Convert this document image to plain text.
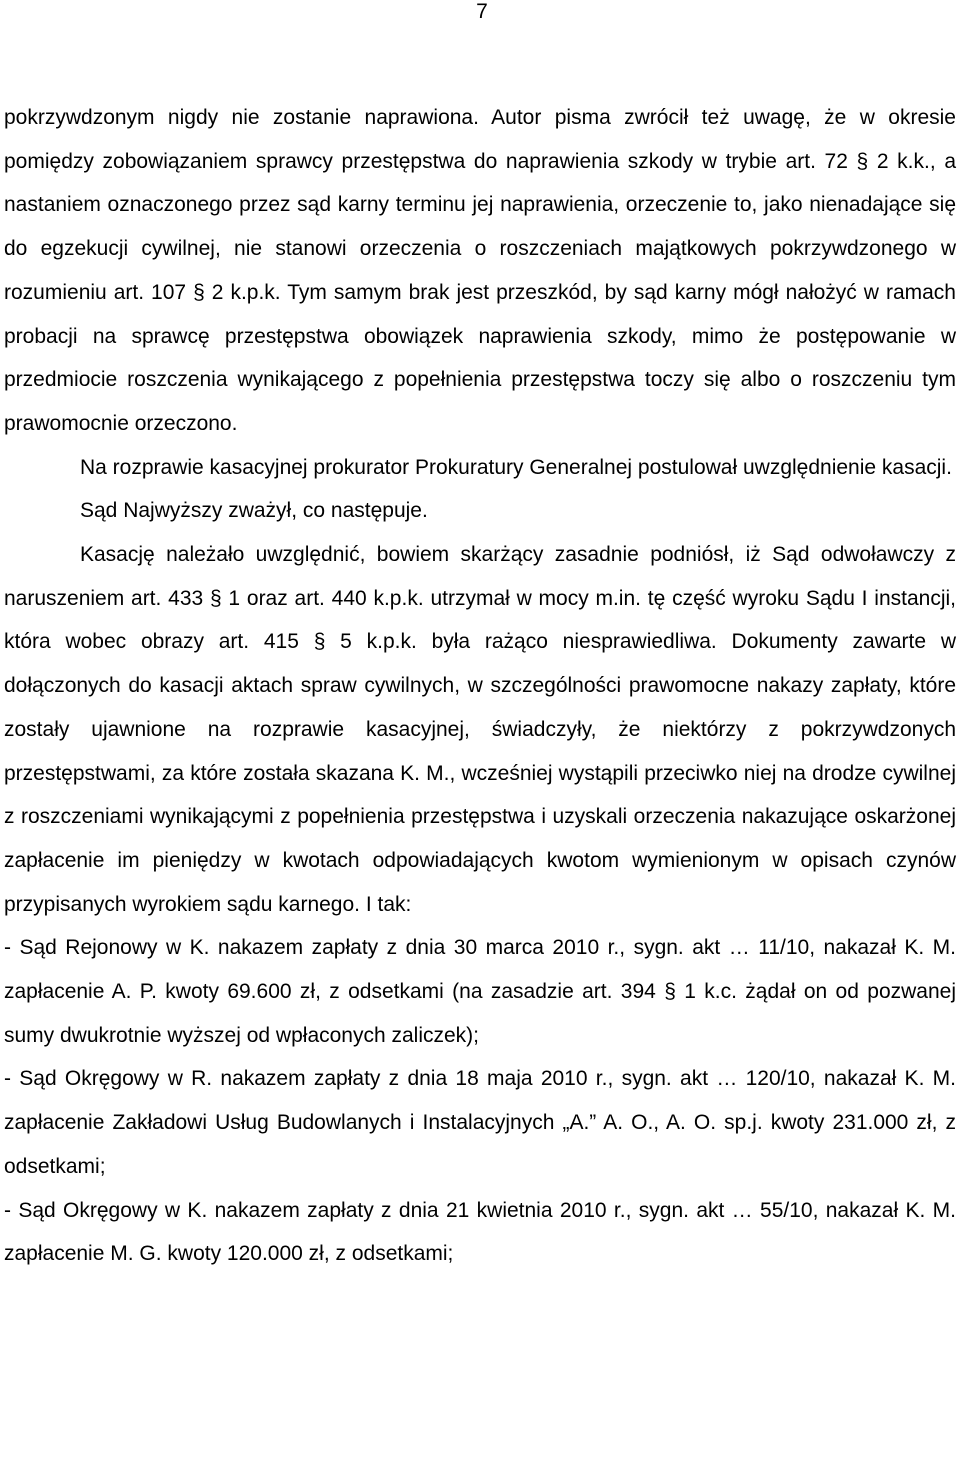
7

pokrzywdzonym nigdy nie zostanie naprawiona. Autor pisma zwrócił też uwagę, że w okresie pomiędzy zobowiązaniem sprawcy przestępstwa do naprawienia szkody w trybie art. 72 § 2 k.k., a nastaniem oznaczonego przez sąd karny terminu jej naprawienia, orzeczenie to, jako nienadające się do egzekucji cywilnej, nie stanowi orzeczenia o roszczeniach majątkowych pokrzywdzonego w rozumieniu art. 107 § 2 k.p.k. Tym samym brak jest przeszkód, by sąd karny mógł nałożyć w ramach probacji na sprawcę przestępstwa obowiązek naprawienia szkody, mimo że postępowanie w przedmiocie roszczenia wynikającego z popełnienia przestępstwa toczy się albo o roszczeniu tym prawomocnie orzeczono.

Na rozprawie kasacyjnej prokurator Prokuratury Generalnej postulował uwzględnienie kasacji.

Sąd Najwyższy zważył, co następuje.

Kasację należało uwzględnić, bowiem skarżący zasadnie podniósł, iż Sąd odwoławczy z naruszeniem art. 433 § 1 oraz art. 440 k.p.k. utrzymał w mocy m.in. tę część wyroku Sądu I instancji, która wobec obrazy art. 415 § 5 k.p.k. była rażąco niesprawiedliwa. Dokumenty zawarte w dołączonych do kasacji aktach spraw cywilnych, w szczególności prawomocne nakazy zapłaty, które zostały ujawnione na rozprawie kasacyjnej, świadczyły, że niektórzy z pokrzywdzonych przestępstwami, za które została skazana K. M., wcześniej wystąpili przeciwko niej na drodze cywilnej z roszczeniami wynikającymi z popełnienia przestępstwa i uzyskali orzeczenia nakazujące oskarżonej zapłacenie im pieniędzy w kwotach odpowiadających kwotom wymienionym w opisach czynów przypisanych wyrokiem sądu karnego. I tak:

- Sąd Rejonowy w K. nakazem zapłaty z dnia 30 marca 2010 r., sygn. akt … 11/10, nakazał K. M. zapłacenie A. P. kwoty 69.600 zł, z odsetkami (na zasadzie art. 394 § 1 k.c. żądał on od pozwanej sumy dwukrotnie wyższej od wpłaconych zaliczek);

- Sąd Okręgowy w R. nakazem zapłaty z dnia 18 maja 2010 r., sygn. akt … 120/10, nakazał K. M. zapłacenie Zakładowi Usług Budowlanych i Instalacyjnych „A.” A. O., A. O. sp.j. kwoty 231.000 zł, z odsetkami;

- Sąd Okręgowy w K. nakazem zapłaty z dnia 21 kwietnia 2010 r., sygn. akt … 55/10, nakazał K. M. zapłacenie M. G. kwoty 120.000 zł, z odsetkami;
